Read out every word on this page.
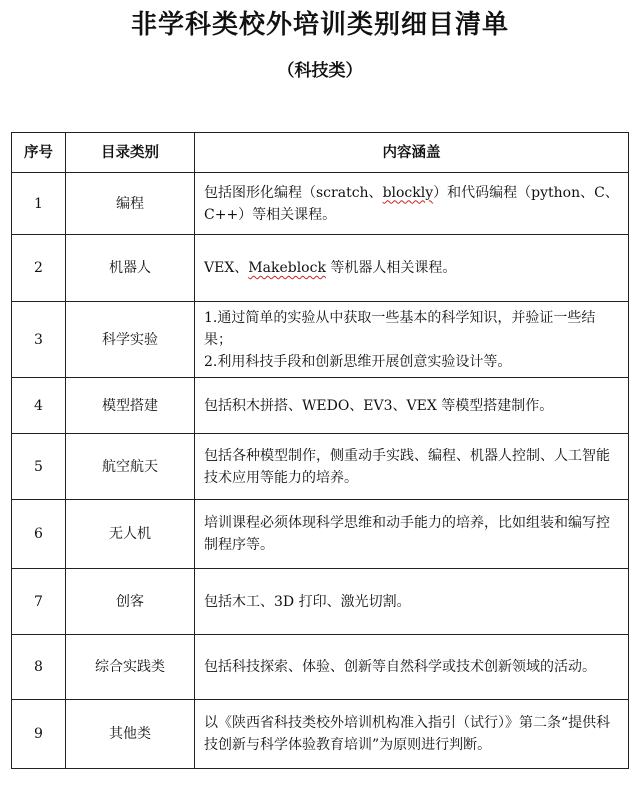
非学科类校外培训类别细目清单
（科技类）
序号	目录类别	内容涵盖
1	编程	包括图形化编程（scratch、blockly）和代码编程（python、C、C++）等相关课程。
2	机器人	VEX、Makeblock 等机器人相关课程。
3	科学实验	1.通过简单的实验从中获取一些基本的科学知识，并验证一些结果；
2.利用科技手段和创新思维开展创意实验设计等。

4	模型搭建	包括积木拼搭、WEDO、EV3、VEX 等模型搭建制作。
5	航空航天	包括各种模型制作，侧重动手实践、编程、机器人控制、人工智能技术应用等能力的培养。
6	无人机	培训课程必须体现科学思维和动手能力的培养，比如组装和编写控制程序等。
7	创客	包括木工、3D 打印、激光切割。
8	综合实践类	包括科技探索、体验、创新等自然科学或技术创新领域的活动。
9	其他类	以《陕西省科技类校外培训机构准入指引（试行）》第二条“提供科技创新与科学体验教育培训”为原则进行判断。
